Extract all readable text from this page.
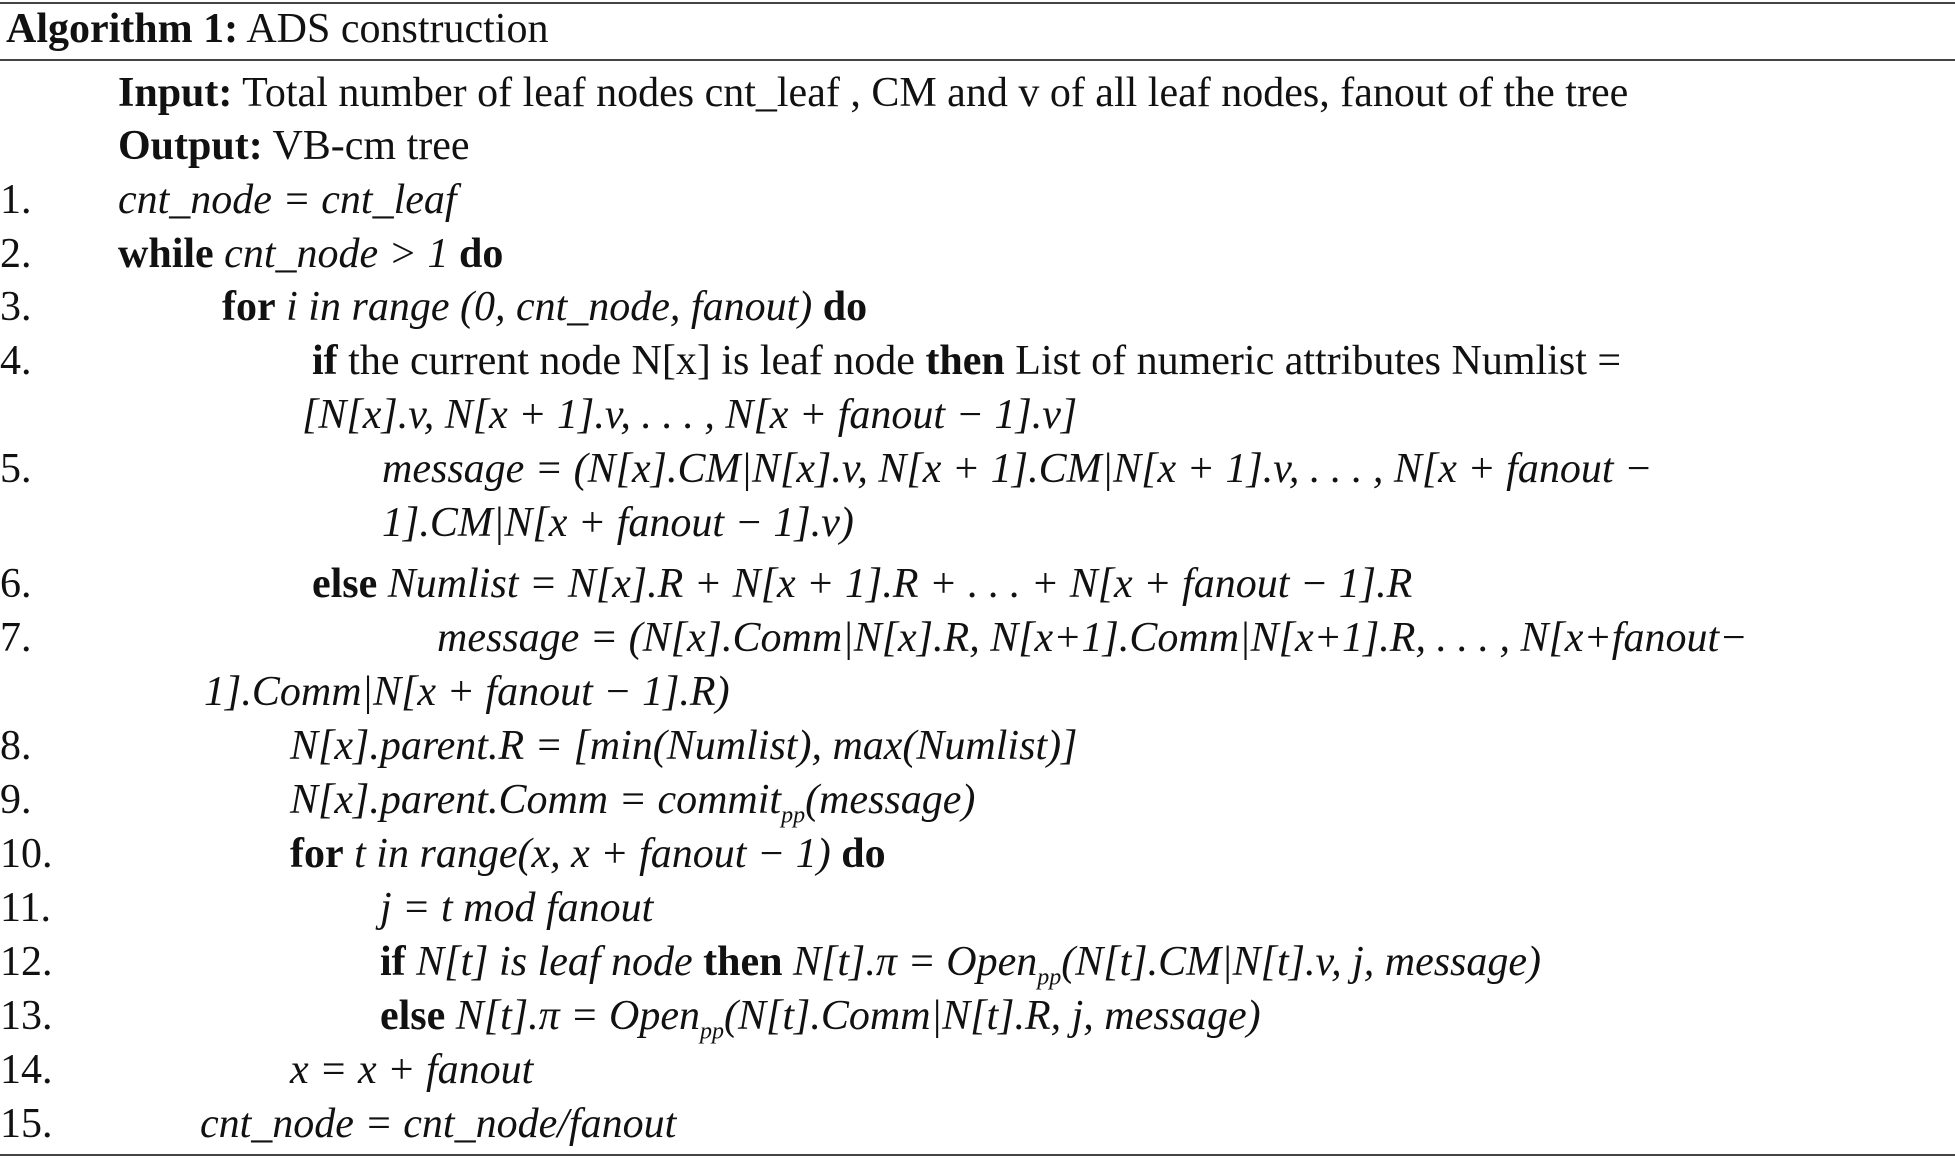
Algorithm 1: ADS construction
Input: Total number of leaf nodes cnt_leaf , CM and v of all leaf nodes, fanout of the tree
Output: VB-cm tree
1. cnt_node = cnt_leaf
2. while cnt_node > 1 do
3.	for i in range (0, cnt_node, fanout) do
4.	if the current node N[x] is leaf node then List of numeric attributes Numlist =
[N[x].v, N[x + 1].v, . . . , N[x + fanout − 1].v]
5.	message = (N[x].CM|N[x].v, N[x + 1].CM|N[x + 1].v, . . . , N[x + fanout −
1].CM|N[x + fanout − 1].v)
6.	else Numlist = N[x].R + N[x + 1].R + . . . + N[x + fanout − 1].R
7.	message = (N[x].Comm|N[x].R, N[x+1].Comm|N[x+1].R, . . . , N[x+fanout−
1].Comm|N[x + fanout − 1].R)
8.	N[x].parent.R = [min(Numlist), max(Numlist)]
9.	N[x].parent.Comm = commit$_{pp}$(message)
10.	for t in range(x, x + fanout − 1) do
11.	j = t mod fanout
12.	if N[t] is leaf node then N[t].π = Open$_{pp}$(N[t].CM|N[t].v, j, message)
13.	else N[t].π = Open$_{pp}$(N[t].Comm|N[t].R, j, message)
14.	x = x + fanout
15.	cnt_node = cnt_node/fanout
